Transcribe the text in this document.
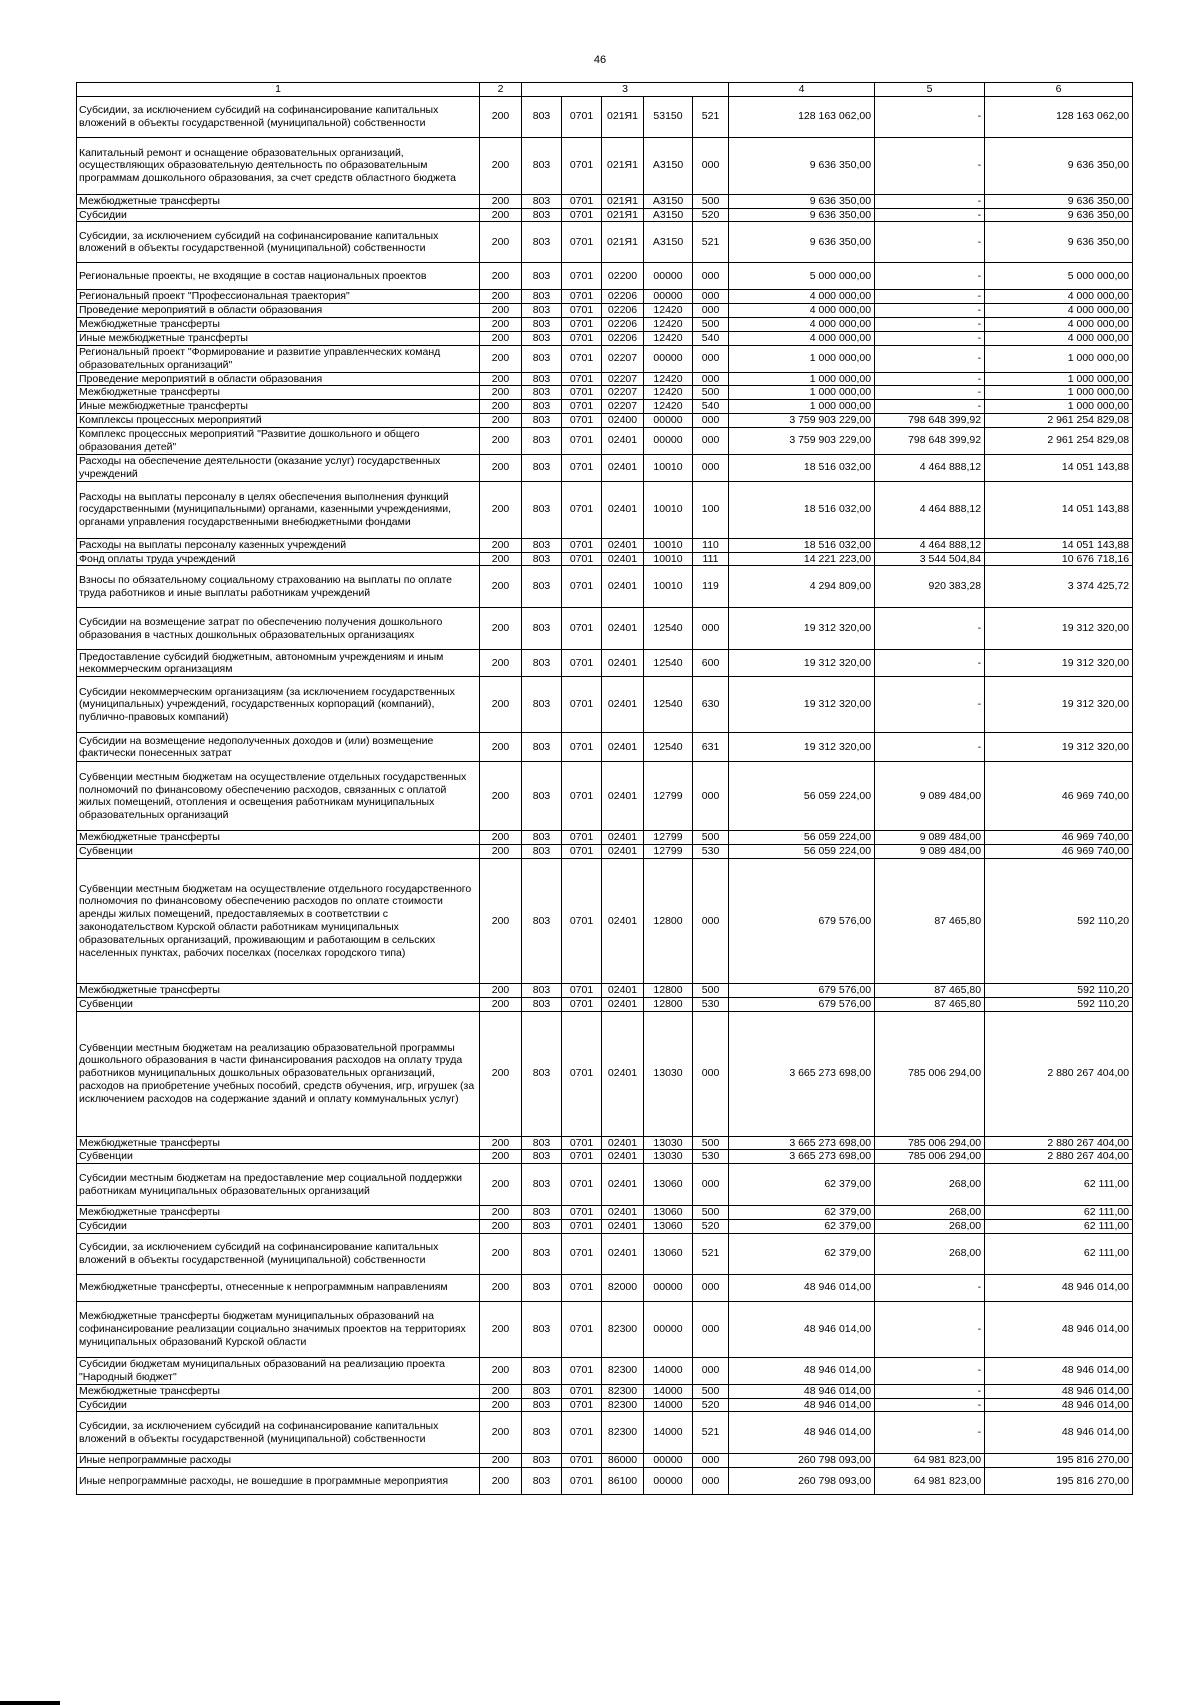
46
1	2	3					4	5	6
Субсидии, за исключением субсидий на софинансирование капитальных вложений в объекты государственной (муниципальной) собственности	200	803	0701	021Я1	53150	521	128 163 062,00	-	128 163 062,00
Капитальный ремонт и оснащение образовательных организаций, осуществляющих образовательную деятельность по образовательным программам дошкольного образования, за счет средств областного бюджета	200	803	0701	021Я1	А3150	000	9 636 350,00	-	9 636 350,00
Межбюджетные трансферты	200	803	0701	021Я1	А3150	500	9 636 350,00	-	9 636 350,00
Субсидии	200	803	0701	021Я1	А3150	520	9 636 350,00	-	9 636 350,00
Субсидии, за исключением субсидий на софинансирование капитальных вложений в объекты государственной (муниципальной) собственности	200	803	0701	021Я1	А3150	521	9 636 350,00	-	9 636 350,00
Региональные проекты, не входящие в состав национальных проектов	200	803	0701	02200	00000	000	5 000 000,00	-	5 000 000,00
Региональный проект "Профессиональная траектория"	200	803	0701	02206	00000	000	4 000 000,00	-	4 000 000,00
Проведение мероприятий в области образования	200	803	0701	02206	12420	000	4 000 000,00	-	4 000 000,00
Межбюджетные трансферты	200	803	0701	02206	12420	500	4 000 000,00	-	4 000 000,00
Иные межбюджетные трансферты	200	803	0701	02206	12420	540	4 000 000,00	-	4 000 000,00
Региональный проект "Формирование и развитие управленческих команд образовательных организаций"	200	803	0701	02207	00000	000	1 000 000,00	-	1 000 000,00
Проведение мероприятий в области образования	200	803	0701	02207	12420	000	1 000 000,00	-	1 000 000,00
Межбюджетные трансферты	200	803	0701	02207	12420	500	1 000 000,00	-	1 000 000,00
Иные межбюджетные трансферты	200	803	0701	02207	12420	540	1 000 000,00	-	1 000 000,00
Комплексы процессных мероприятий	200	803	0701	02400	00000	000	3 759 903 229,00	798 648 399,92	2 961 254 829,08
Комплекс процессных мероприятий "Развитие дошкольного и общего образования детей"	200	803	0701	02401	00000	000	3 759 903 229,00	798 648 399,92	2 961 254 829,08
Расходы на обеспечение деятельности (оказание услуг) государственных учреждений	200	803	0701	02401	10010	000	18 516 032,00	4 464 888,12	14 051 143,88
Расходы на выплаты персоналу в целях обеспечения выполнения функций государственными (муниципальными) органами, казенными учреждениями, органами управления государственными внебюджетными фондами	200	803	0701	02401	10010	100	18 516 032,00	4 464 888,12	14 051 143,88
Расходы на выплаты персоналу казенных учреждений	200	803	0701	02401	10010	110	18 516 032,00	4 464 888,12	14 051 143,88
Фонд оплаты труда учреждений	200	803	0701	02401	10010	111	14 221 223,00	3 544 504,84	10 676 718,16
Взносы по обязательному социальному страхованию на выплаты по оплате труда работников и иные выплаты работникам учреждений	200	803	0701	02401	10010	119	4 294 809,00	920 383,28	3 374 425,72
Субсидии на возмещение затрат по обеспечению получения дошкольного образования в частных дошкольных образовательных организациях	200	803	0701	02401	12540	000	19 312 320,00	-	19 312 320,00
Предоставление субсидий бюджетным, автономным учреждениям и иным некоммерческим организациям	200	803	0701	02401	12540	600	19 312 320,00	-	19 312 320,00
Субсидии некоммерческим организациям (за исключением государственных (муниципальных) учреждений, государственных корпораций (компаний), публично-правовых компаний)	200	803	0701	02401	12540	630	19 312 320,00	-	19 312 320,00
Субсидии на возмещение недополученных доходов и (или) возмещение фактически понесенных затрат	200	803	0701	02401	12540	631	19 312 320,00	-	19 312 320,00
Субвенции местным бюджетам на осуществление отдельных государственных полномочий по финансовому обеспечению расходов, связанных с оплатой жилых помещений, отопления и освещения работникам муниципальных образовательных организаций	200	803	0701	02401	12799	000	56 059 224,00	9 089 484,00	46 969 740,00
Межбюджетные трансферты	200	803	0701	02401	12799	500	56 059 224,00	9 089 484,00	46 969 740,00
Субвенции	200	803	0701	02401	12799	530	56 059 224,00	9 089 484,00	46 969 740,00
Субвенции местным бюджетам на осуществление отдельного государственного полномочия по финансовому обеспечению расходов по оплате стоимости аренды жилых помещений, предоставляемых в соответствии с законодательством Курской области работникам муниципальных образовательных организаций, проживающим и работающим в сельских населенных пунктах, рабочих поселках (поселках городского типа)	200	803	0701	02401	12800	000	679 576,00	87 465,80	592 110,20
Межбюджетные трансферты	200	803	0701	02401	12800	500	679 576,00	87 465,80	592 110,20
Субвенции	200	803	0701	02401	12800	530	679 576,00	87 465,80	592 110,20
Субвенции местным бюджетам на реализацию образовательной программы дошкольного образования в части финансирования расходов на оплату труда работников муниципальных дошкольных образовательных организаций, расходов на приобретение учебных пособий, средств обучения, игр, игрушек (за исключением расходов на содержание зданий и оплату коммунальных услуг)	200	803	0701	02401	13030	000	3 665 273 698,00	785 006 294,00	2 880 267 404,00
Межбюджетные трансферты	200	803	0701	02401	13030	500	3 665 273 698,00	785 006 294,00	2 880 267 404,00
Субвенции	200	803	0701	02401	13030	530	3 665 273 698,00	785 006 294,00	2 880 267 404,00
Субсидии местным бюджетам на предоставление мер социальной поддержки работникам муниципальных образовательных организаций	200	803	0701	02401	13060	000	62 379,00	268,00	62 111,00
Межбюджетные трансферты	200	803	0701	02401	13060	500	62 379,00	268,00	62 111,00
Субсидии	200	803	0701	02401	13060	520	62 379,00	268,00	62 111,00
Субсидии, за исключением субсидий на софинансирование капитальных вложений в объекты государственной (муниципальной) собственности	200	803	0701	02401	13060	521	62 379,00	268,00	62 111,00
Межбюджетные трансферты, отнесенные к непрограммным направлениям	200	803	0701	82000	00000	000	48 946 014,00	-	48 946 014,00
Межбюджетные трансферты бюджетам муниципальных образований на софинансирование реализации социально значимых проектов на территориях муниципальных образований Курской области	200	803	0701	82300	00000	000	48 946 014,00	-	48 946 014,00
Субсидии бюджетам муниципальных образований на реализацию проекта "Народный бюджет"	200	803	0701	82300	14000	000	48 946 014,00	-	48 946 014,00
Межбюджетные трансферты	200	803	0701	82300	14000	500	48 946 014,00	-	48 946 014,00
Субсидии	200	803	0701	82300	14000	520	48 946 014,00	-	48 946 014,00
Субсидии, за исключением субсидий на софинансирование капитальных вложений в объекты государственной (муниципальной) собственности	200	803	0701	82300	14000	521	48 946 014,00	-	48 946 014,00
Иные непрограммные расходы	200	803	0701	86000	00000	000	260 798 093,00	64 981 823,00	195 816 270,00
Иные непрограммные расходы, не вошедшие в программные мероприятия	200	803	0701	86100	00000	000	260 798 093,00	64 981 823,00	195 816 270,00
